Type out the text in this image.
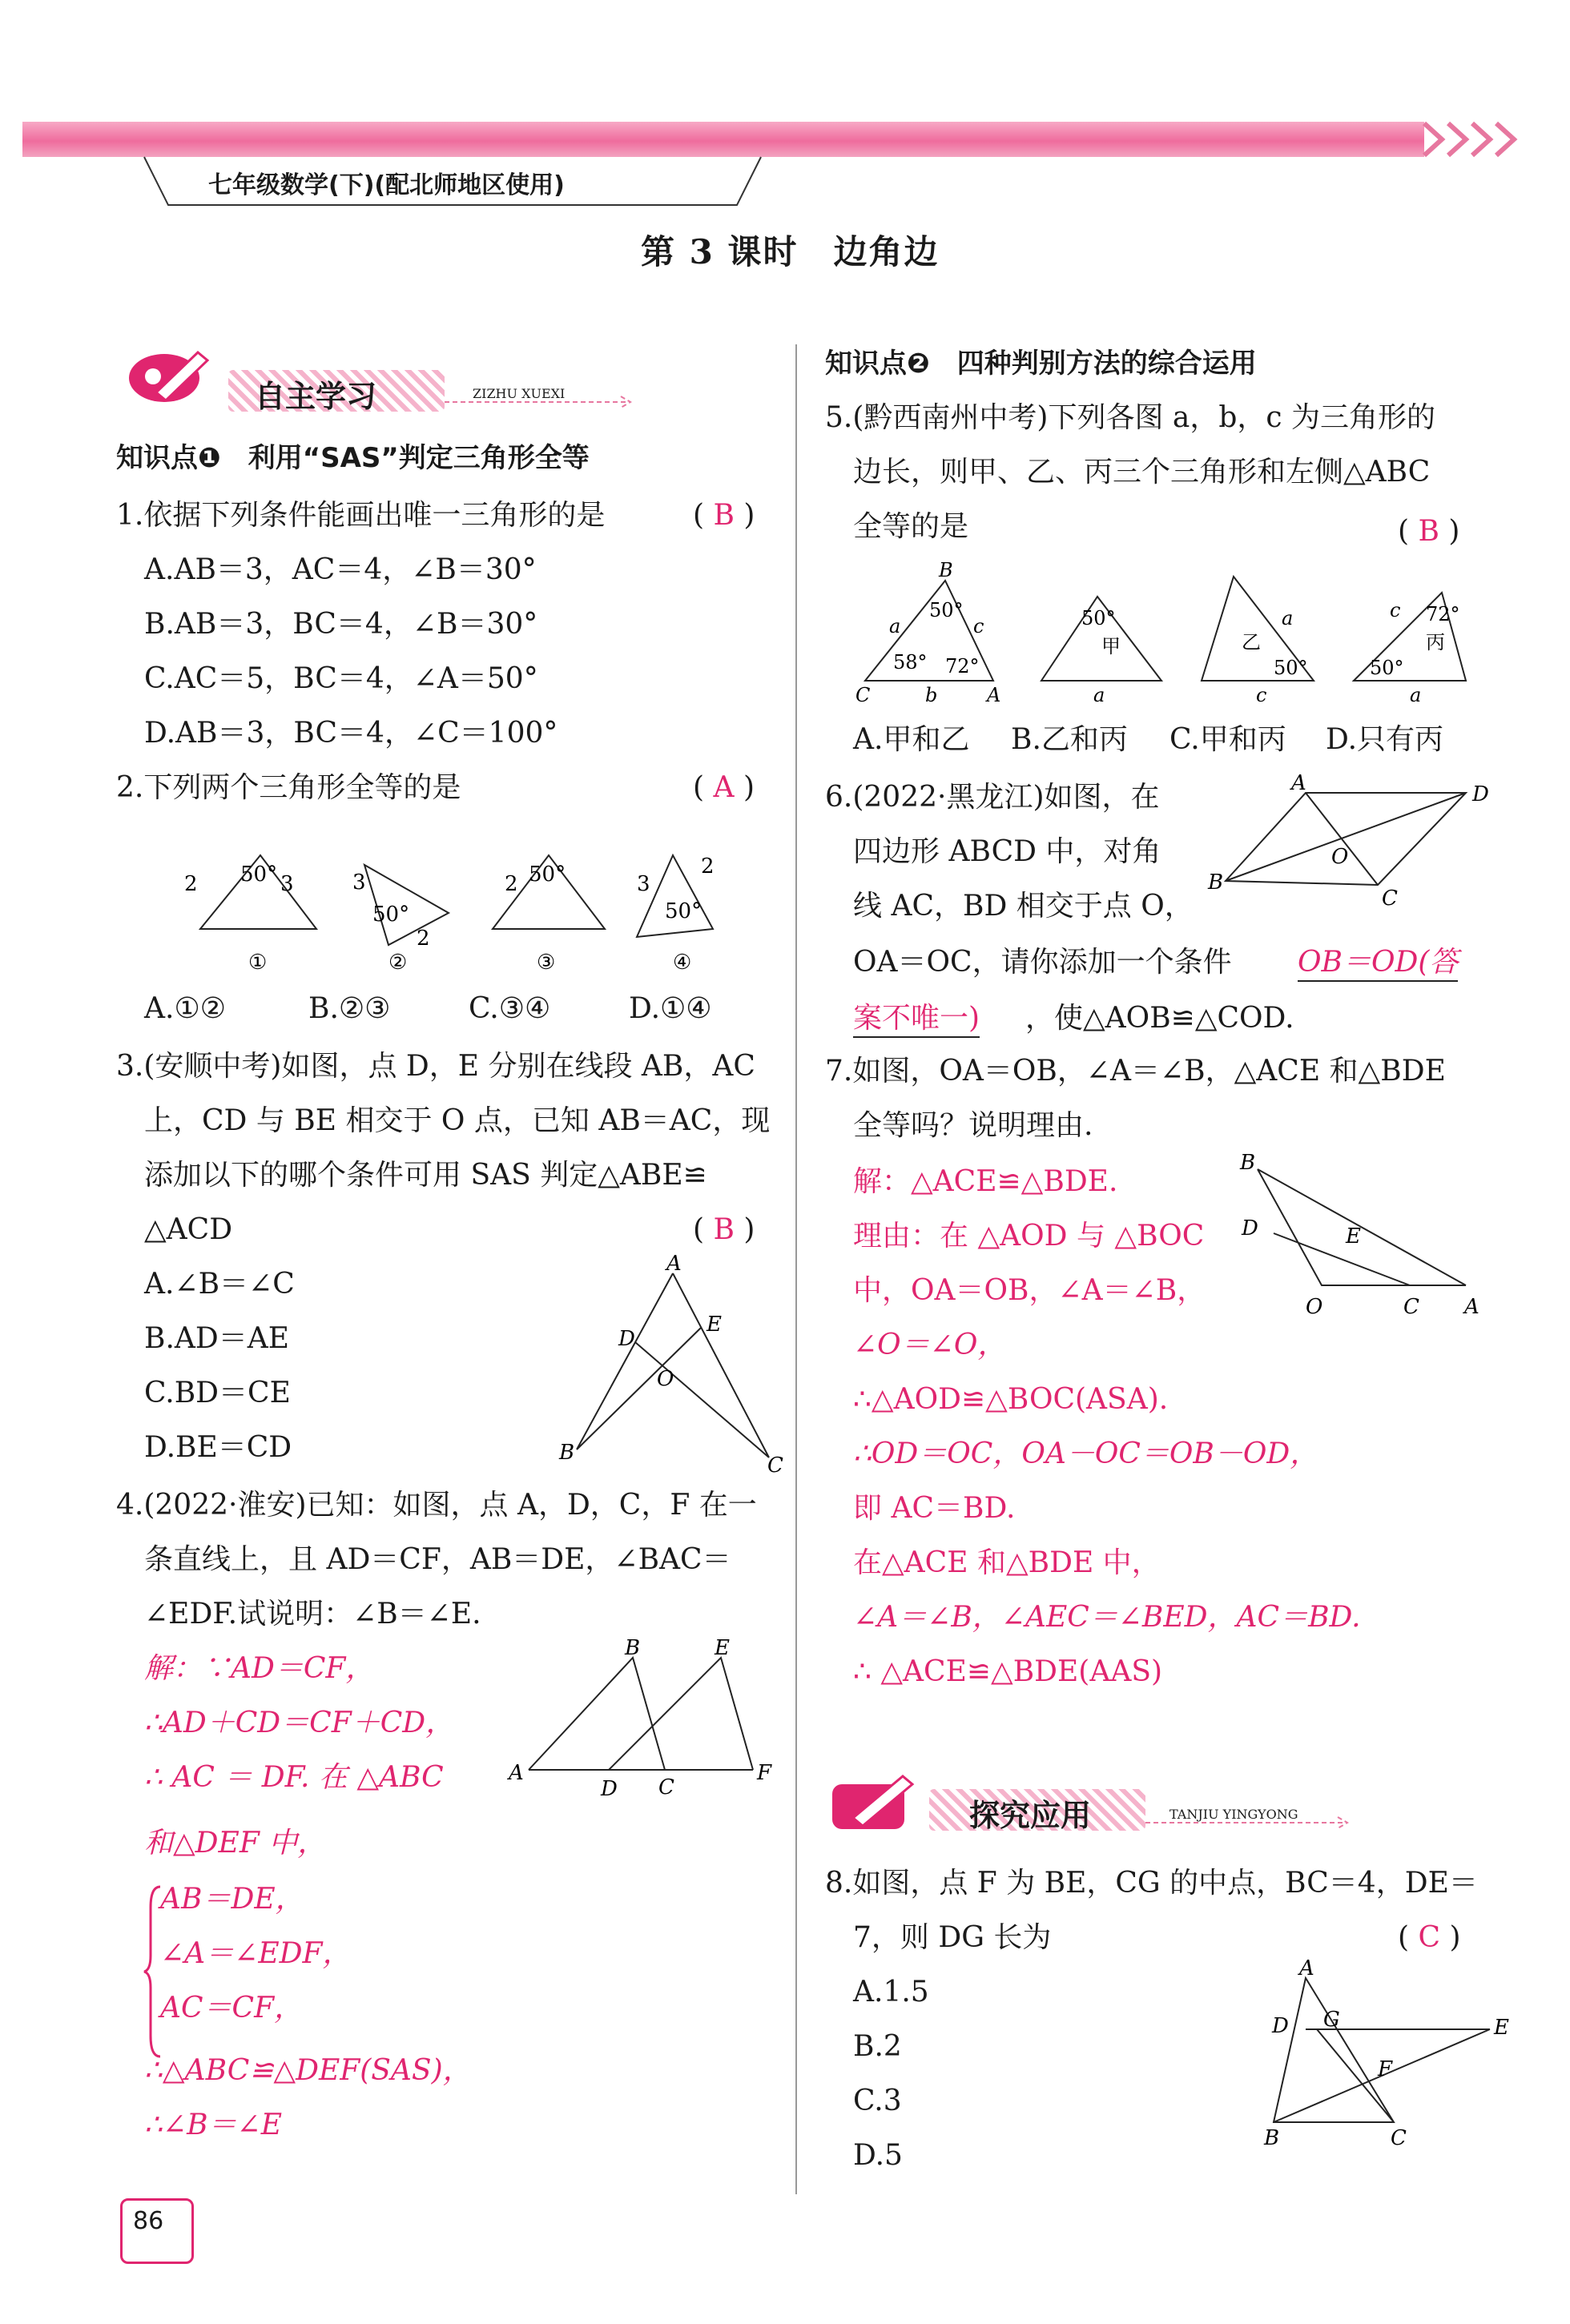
七年级数学(下)(配北师地区使用)
第 3 课时　边角边
自主学习	ZIZHU XUEXI
知识点❶　利用“SAS”判定三角形全等
1.依据下列条件能画出唯一三角形的是	( B )
A.AB＝3，AC＝4，∠B＝30°
B.AB＝3，BC＝4，∠B＝30°
C.AC＝5，BC＝4，∠A＝50°
D.AB＝3，BC＝4，∠C＝100°
2.下列两个三角形全等的是	( A )
2	3
50°	3
2
50°
2 50°	3
2
50°
①	②	③	④
A.①②	B.②③	C.③④	D.①④
3.(安顺中考)如图，点 D，E 分别在线段 AB，AC
上，CD 与 BE 相交于 O 点，已知 AB＝AC，现
添加以下的哪个条件可用 SAS 判定△ABE≌
△ACD	( B )
A.∠B＝∠C
B.AD＝AE
C.BD＝CE
D.BE＝CD
A
D
E
O
B
C
4.(2022·淮安)已知：如图，点 A，D，C，F 在一
条直线上，且 AD＝CF，AB＝DE，∠BAC＝
∠EDF.试说明：∠B＝∠E.
解：∵AD＝CF，
∴AD＋CD＝CF＋CD，
∴ AC ＝ DF. 在 △ABC
和△DEF 中，
AB＝DE，
∠A＝∠EDF，
AC＝CF，
∴△ABC≌△DEF(SAS)，
∴∠B＝∠E
A
B	E
D C
F
86
知识点❷　四种判别方法的综合运用
5.(黔西南州中考)下列各图 a，b，c 为三角形的
边长，则甲、乙、丙三个三角形和左侧△ABC
全等的是	( B )
B
C	A
a	c
b
50°
58° 72°
50°
甲
a
a
乙
50°
c
72°
丙
50°
c
a
A.甲和乙 B.乙和丙 C.甲和丙 D.只有丙
6.(2022·黑龙江)如图，在
四边形 ABCD 中，对角
线 AC，BD 相交于点 O，
OA＝OC，请你添加一个条件 OB＝OD(答
案不唯一) ，使△AOB≌△COD.
A	D
B
C
O
7.如图，OA＝OB，∠A＝∠B，△ACE 和△BDE
全等吗？说明理由.
解：△ACE≌△BDE.
理由：在 △AOD 与 △BOC
中，OA＝OB，∠A＝∠B，
∠O＝∠O，
∴△AOD≌△BOC(ASA).
∴OD＝OC，OA－OC＝OB－OD，
即 AC＝BD.
在△ACE 和△BDE 中，
∠A＝∠B，∠AEC＝∠BED，AC＝BD.
∴ △ACE≌△BDE(AAS)
B
D	E
O	C A
探究应用	TANJIU YINGYONG
8.如图，点 F 为 BE，CG 的中点，BC＝4，DE＝
7，则 DG 长为	( C )
A.1.5
B.2
C.3
D.5
A
D G
F
E
B	C
